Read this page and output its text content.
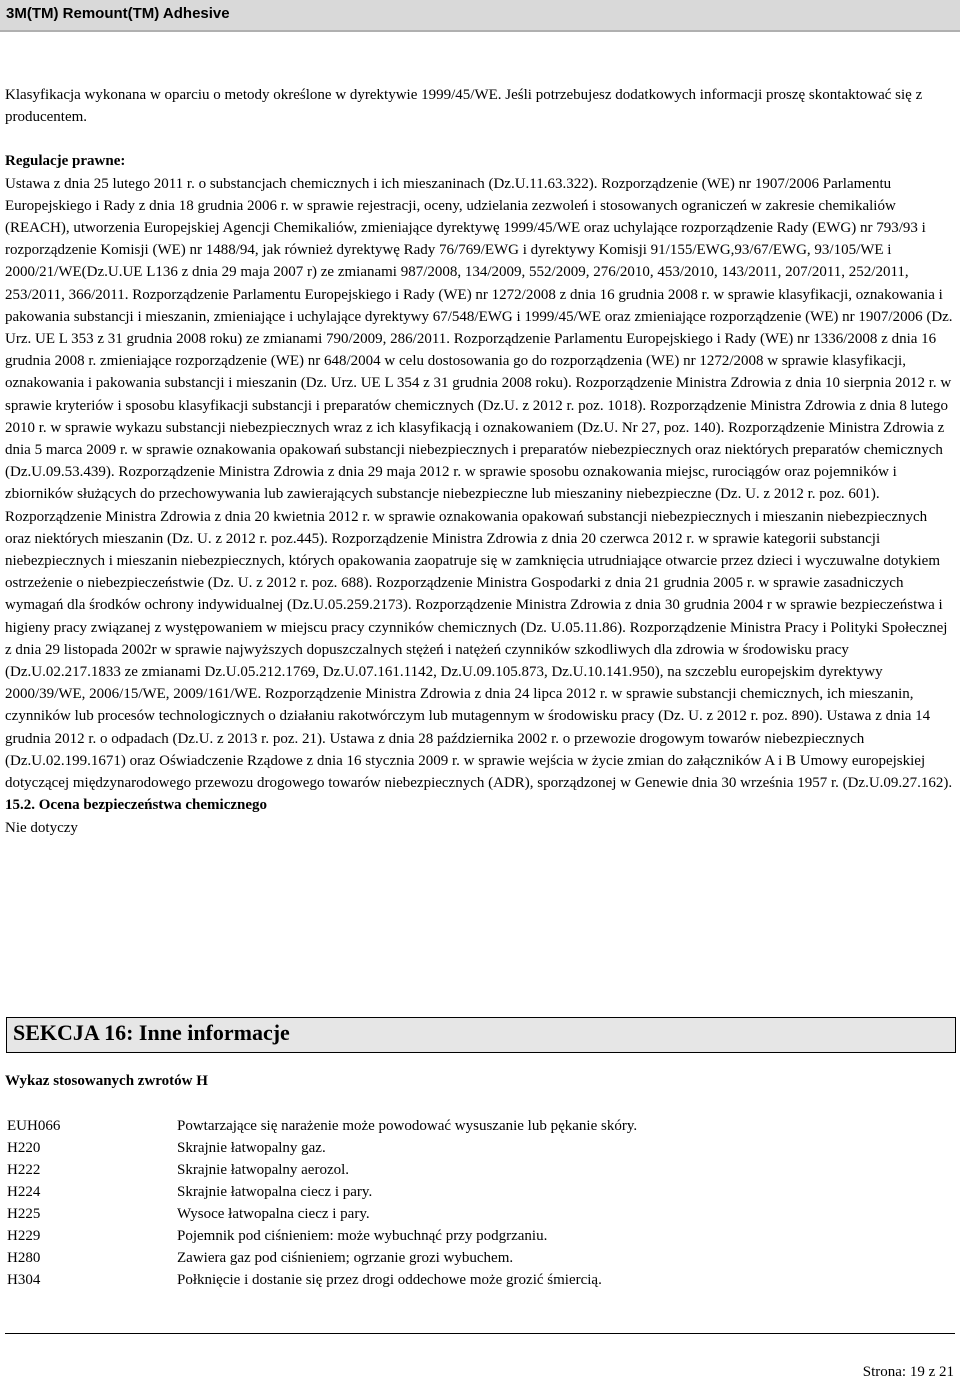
3M(TM) Remount(TM) Adhesive

Klasyfikacja wykonana w oparciu o metody określone w dyrektywie 1999/45/WE. Jeśli potrzebujesz dodatkowych informacji proszę skontaktować się z producentem.

Regulacje prawne:

Ustawa z dnia 25 lutego 2011 r. o substancjach chemicznych i ich mieszaninach (Dz.U.11.63.322). Rozporządzenie (WE) nr 1907/2006 Parlamentu Europejskiego i Rady z dnia 18 grudnia 2006 r. w sprawie rejestracji, oceny, udzielania zezwoleń i stosowanych ograniczeń w zakresie chemikaliów (REACH), utworzenia Europejskiej Agencji Chemikaliów, zmieniające dyrektywę 1999/45/WE oraz uchylające rozporządzenie Rady (EWG) nr 793/93 i rozporządzenie Komisji (WE) nr 1488/94, jak również dyrektywę Rady 76/769/EWG i dyrektywy Komisji 91/155/EWG,93/67/EWG, 93/105/WE i 2000/21/WE(Dz.U.UE L136 z dnia 29 maja 2007 r) ze zmianami 987/2008, 134/2009, 552/2009, 276/2010, 453/2010, 143/2011, 207/2011, 252/2011, 253/2011, 366/2011. Rozporządzenie Parlamentu Europejskiego i Rady (WE) nr 1272/2008 z dnia 16 grudnia 2008 r. w sprawie klasyfikacji, oznakowania i pakowania substancji i mieszanin, zmieniające i uchylające dyrektywy 67/548/EWG i 1999/45/WE oraz zmieniające rozporządzenie (WE) nr 1907/2006 (Dz. Urz. UE L 353 z 31 grudnia 2008 roku) ze zmianami 790/2009, 286/2011. Rozporządzenie Parlamentu Europejskiego i Rady (WE) nr 1336/2008 z dnia 16 grudnia 2008 r. zmieniające rozporządzenie (WE) nr 648/2004 w celu dostosowania go do rozporządzenia (WE) nr 1272/2008 w sprawie klasyfikacji, oznakowania i pakowania substancji i mieszanin (Dz. Urz. UE L 354 z 31 grudnia 2008 roku). Rozporządzenie Ministra Zdrowia z dnia 10 sierpnia 2012 r. w sprawie kryteriów i sposobu klasyfikacji substancji i preparatów chemicznych (Dz.U. z 2012 r. poz. 1018). Rozporządzenie Ministra Zdrowia z dnia 8 lutego 2010 r. w sprawie wykazu substancji niebezpiecznych wraz z ich klasyfikacją i oznakowaniem (Dz.U. Nr 27, poz. 140). Rozporządzenie Ministra Zdrowia z dnia 5 marca 2009 r. w sprawie oznakowania opakowań substancji niebezpiecznych i preparatów niebezpiecznych oraz niektórych preparatów chemicznych (Dz.U.09.53.439). Rozporządzenie Ministra Zdrowia z dnia 29 maja 2012 r. w sprawie sposobu oznakowania miejsc, rurociągów oraz pojemników i zbiorników służących do przechowywania lub zawierających substancje niebezpieczne lub mieszaniny niebezpieczne (Dz. U. z 2012 r. poz. 601). Rozporządzenie Ministra Zdrowia z dnia 20 kwietnia 2012 r. w sprawie oznakowania opakowań substancji niebezpiecznych i mieszanin niebezpiecznych oraz niektórych mieszanin (Dz. U. z 2012 r. poz.445). Rozporządzenie Ministra Zdrowia z dnia 20 czerwca 2012 r. w sprawie kategorii substancji niebezpiecznych i mieszanin niebezpiecznych, których opakowania zaopatruje się w zamknięcia utrudniające otwarcie przez dzieci i wyczuwalne dotykiem ostrzeżenie o niebezpieczeństwie (Dz. U. z 2012 r. poz. 688). Rozporządzenie Ministra Gospodarki z dnia 21 grudnia 2005 r. w sprawie zasadniczych wymagań dla środków ochrony indywidualnej (Dz.U.05.259.2173). Rozporządzenie Ministra Zdrowia z dnia 30 grudnia 2004 r w sprawie bezpieczeństwa i higieny pracy związanej z występowaniem w miejscu pracy czynników chemicznych (Dz. U.05.11.86). Rozporządzenie Ministra Pracy i Polityki Społecznej z dnia 29 listopada 2002r w sprawie najwyższych dopuszczalnych stężeń i natężeń czynników szkodliwych dla zdrowia w środowisku pracy (Dz.U.02.217.1833 ze zmianami Dz.U.05.212.1769, Dz.U.07.161.1142, Dz.U.09.105.873, Dz.U.10.141.950), na szczeblu europejskim dyrektywy 2000/39/WE, 2006/15/WE, 2009/161/WE. Rozporządzenie Ministra Zdrowia z dnia 24 lipca 2012 r. w sprawie substancji chemicznych, ich mieszanin, czynników lub procesów technologicznych o działaniu rakotwórczym lub mutagennym w środowisku pracy (Dz. U. z 2012 r. poz. 890). Ustawa z dnia 14 grudnia 2012 r. o odpadach (Dz.U. z 2013 r. poz. 21). Ustawa z dnia 28 października 2002 r. o przewozie drogowym towarów niebezpiecznych (Dz.U.02.199.1671) oraz Oświadczenie Rządowe z dnia 16 stycznia 2009 r. w sprawie wejścia w życie zmian do załączników A i B Umowy europejskiej dotyczącej międzynarodowego przewozu drogowego towarów niebezpiecznych (ADR), sporządzonej w Genewie dnia 30 września 1957 r. (Dz.U.09.27.162).

15.2. Ocena bezpieczeństwa chemicznego

Nie dotyczy

SEKCJA 16: Inne informacje
Wykaz stosowanych zwrotów H
EUH066	Powtarzające się narażenie może powodować wysuszanie lub pękanie skóry.
H220	Skrajnie łatwopalny gaz.
H222	Skrajnie łatwopalny aerozol.
H224	Skrajnie łatwopalna ciecz i pary.
H225	Wysoce łatwopalna ciecz i pary.
H229	Pojemnik pod ciśnieniem: może wybuchnąć przy podgrzaniu.
H280	Zawiera gaz pod ciśnieniem; ogrzanie grozi wybuchem.
H304	Połknięcie i dostanie się przez drogi oddechowe może grozić śmiercią.
Strona: 19 z 21
